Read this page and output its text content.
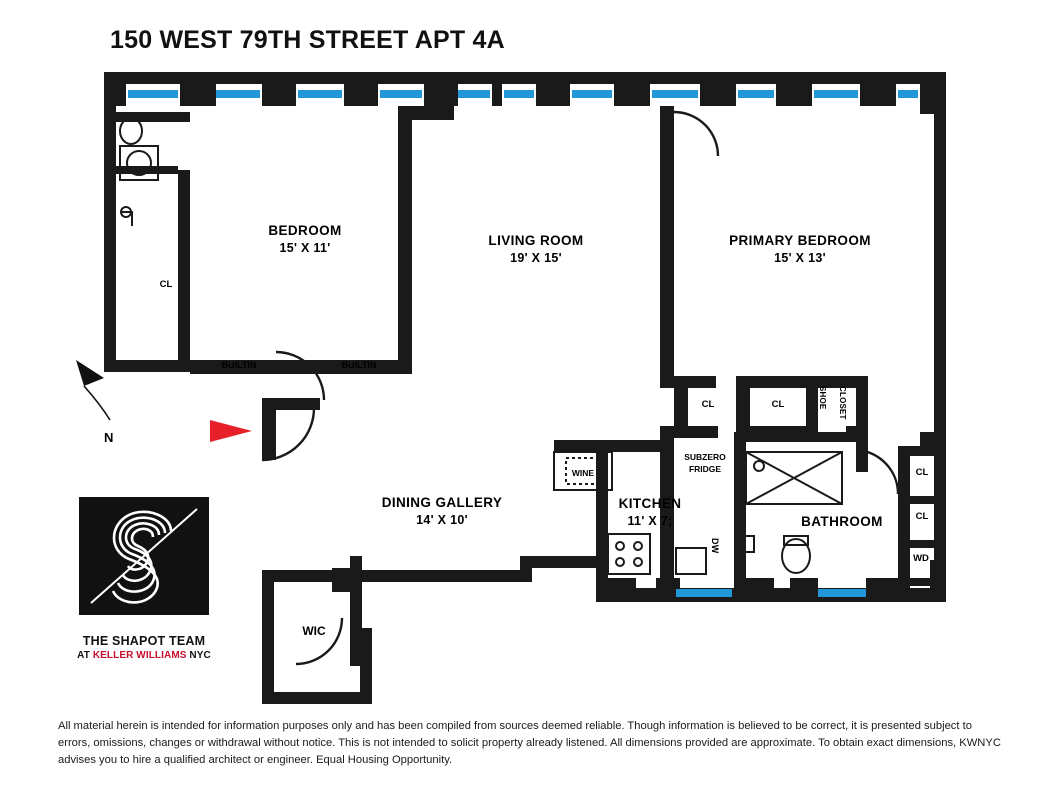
150 WEST 79TH STREET APT 4A
BEDROOM
15' X 11'
LIVING ROOM
19' X 15'
PRIMARY BEDROOM
15' X 13'
DINING GALLERY
14' X 10'
KITCHEN
11' X 7;	BATHROOM
CL
CL	CL
CL
CL
WIC
WD
BUILTIN	BUILTIN
SUBZERO
FRIDGE
WINE
DW
SHOE CLOSET
N
THE SHAPOT TEAM
AT KELLER WILLIAMS NYC
All material herein is intended for information purposes only and has been compiled from sources deemed reliable. Though information is believed to be correct, it is presented subject to errors, omissions, changes or withdrawal without notice. This is not intended to solicit property already listened. All dimensions provided are approximate. To obtain exact dimensions, KWNYC advises you to hire a qualified architect or engineer. Equal Housing Opportunity.
